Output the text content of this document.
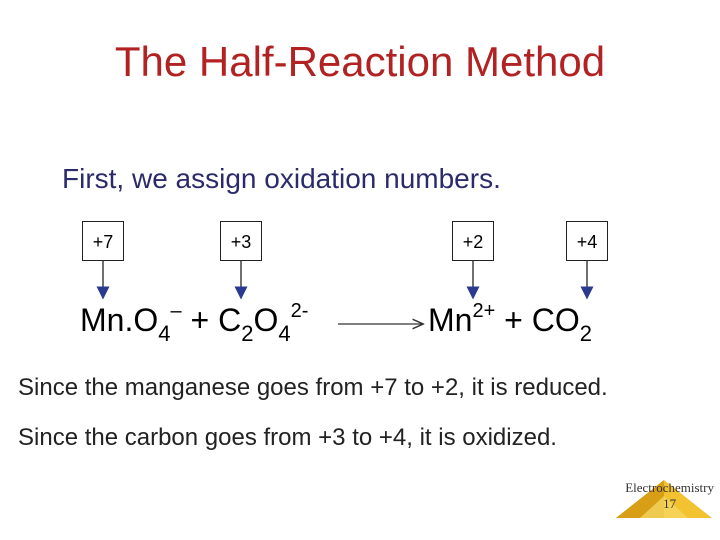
The Half-Reaction Method
First, we assign oxidation numbers.
+7	+3	+2	+4
$Mn.O_4^- + C_2O_4^{2-}$	$Mn^{2+} + CO_2$
Since the manganese goes from +7 to +2, it is reduced.
Since the carbon goes from +3 to +4, it is oxidized.
Electrochemistry
17
